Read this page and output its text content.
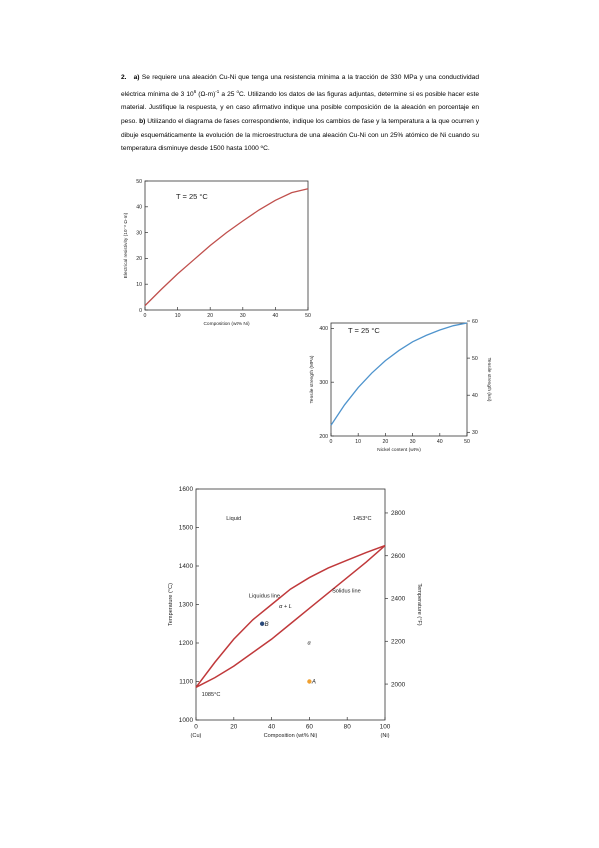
2. a) Se requiere una aleación Cu-Ni que tenga una resistencia mínima a la tracción de 330 MPa y una conductividad eléctrica mínima de 3 $10^6$ $(\Omega-m)^{-1}$ a 25 $^o$C. Utilizando los datos de las figuras adjuntas, determine si es posible hacer este material. Justifique la respuesta, y en caso afirmativo indique una posible composición de la aleación en porcentaje en peso. b) Utilizando el diagrama de fases correspondiente, indique los cambios de fase y la temperatura a la que ocurren y dibuje esquemáticamente la evolución de la microestructura de una aleación Cu-Ni con un 25% atómico de Ni cuando su temperatura disminuye desde 1500 hasta 1000 ºC.

0	10	20	30	40	50
0
10
20
30
40
50
Composition (wt% Ni)
Electrical resistivity (10⁻⁸ Ω-m)
T = 25 °C
0	10	20	30	40	50
200
300
400
Nickel content (wt%)
Tensile strength (MPa)
30
40
50
60
Tensile strength (ksi)
T = 25 °C
0	20	40	60	80	100
1000
1100
1200
1300
1400
1500
1600
Composition (wt% Ni)
Temperature (°C)
(Cu)	(Ni)
2000
2200
2400
2600
2800
Temperature (°F)
Liquid	1453°C
1085°C
Liquidus line
Solidus line
α + L
α
B
A
